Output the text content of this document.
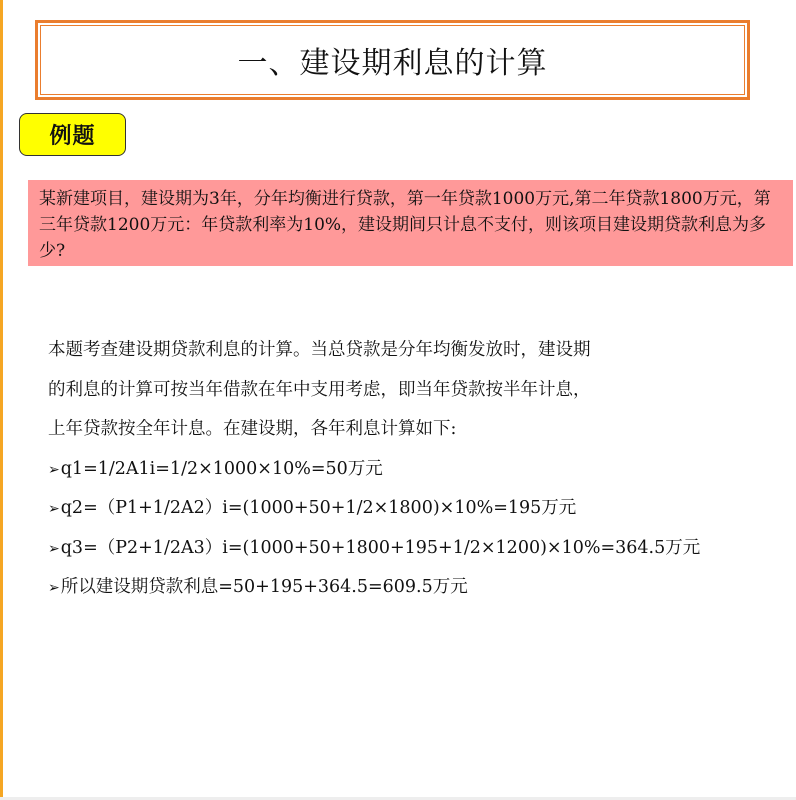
一、建设期利息的计算
例题
某新建项目，建设期为3年，分年均衡进行贷款，第一年贷款1000万元,第二年贷款1800万元，第三年贷款1200万元：年贷款利率为10%，建设期间只计息不支付，则该项目建设期贷款利息为多少?
本题考查建设期贷款利息的计算。当总贷款是分年均衡发放时，建设期
的利息的计算可按当年借款在年中支用考虑，即当年贷款按半年计息，
上年贷款按全年计息。在建设期，各年利息计算如下:
➢q1=1/2A1i=1/2×1000×10%=50万元
➢q2=（P1+1/2A2）i=(1000+50+1/2×1800)×10%=195万元
➢q3=（P2+1/2A3）i=(1000+50+1800+195+1/2×1200)×10%=364.5万元
➢所以建设期贷款利息=50+195+364.5=609.5万元
